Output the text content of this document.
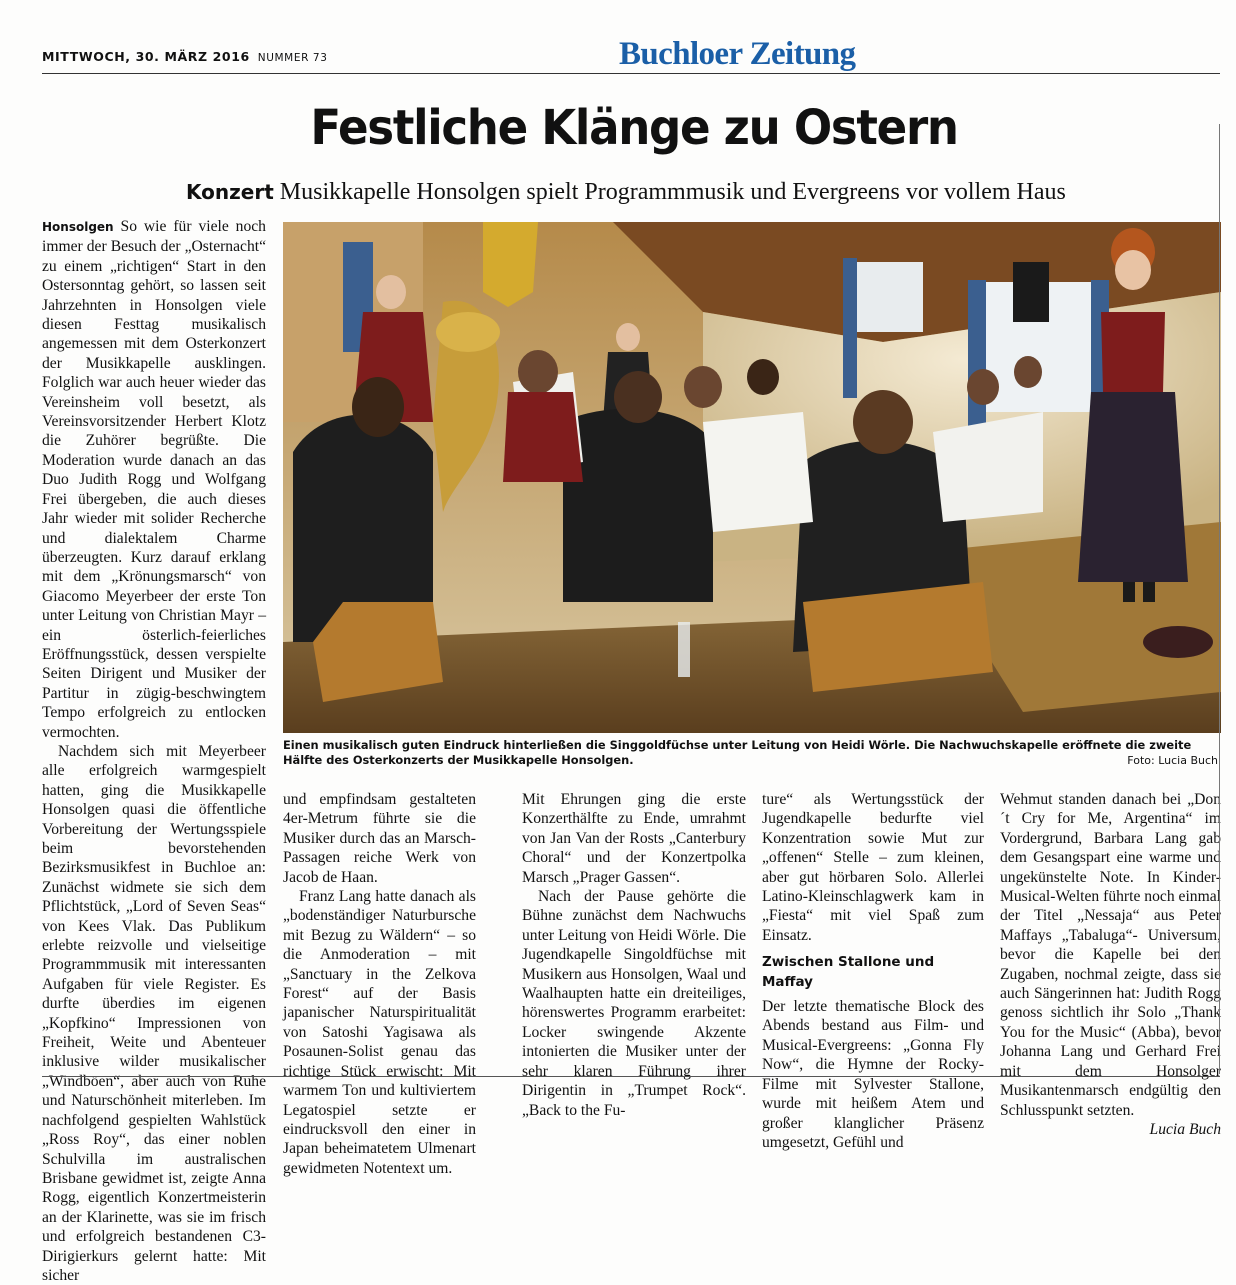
MITTWOCH, 30. MÄRZ 2016 NUMMER 73	Buchloer Zeitung
Festliche Klänge zu Ostern
Konzert Musikkapelle Honsolgen spielt Programmmusik und Evergreens vor vollem Haus

Honsolgen So wie für viele noch immer der Besuch der „Osternacht“ zu einem „richtigen“ Start in den Ostersonntag gehört, so lassen seit Jahrzehnten in Honsolgen viele diesen Festtag musikalisch angemessen mit dem Osterkonzert der Musikkapelle ausklingen. Folglich war auch heuer wieder das Vereinsheim voll besetzt, als Vereinsvorsitzender Herbert Klotz die Zuhörer begrüßte. Die Moderation wurde danach an das Duo Judith Rogg und Wolfgang Frei übergeben, die auch dieses Jahr wieder mit solider Recherche und dialektalem Charme überzeugten. Kurz darauf erklang mit dem „Krönungsmarsch“ von Giacomo Meyerbeer der erste Ton unter Leitung von Christian Mayr – ein österlich-feierliches Eröffnungsstück, dessen verspielte Seiten Dirigent und Musiker der Partitur in zügig-beschwingtem Tempo erfolgreich zu entlocken vermochten.

Nachdem sich mit Meyerbeer alle erfolgreich warmgespielt hatten, ging die Musikkapelle Honsolgen quasi die öffentliche Vorbereitung der Wertungsspiele beim bevorstehenden Bezirksmusikfest in Buchloe an: Zunächst widmete sie sich dem Pflichtstück, „Lord of Seven Seas“ von Kees Vlak. Das Publikum erlebte reizvolle und vielseitige Programmmusik mit interessanten Aufgaben für viele Register. Es durfte überdies im eigenen „Kopfkino“ Impressionen von Freiheit, Weite und Abenteuer inklusive wilder musikalischer „Windböen“, aber auch von Ruhe und Naturschönheit miterleben. Im nachfolgend gespielten Wahlstück „Ross Roy“, das einer noblen Schulvilla im australischen Brisbane gewidmet ist, zeigte Anna Rogg, eigentlich Konzertmeisterin an der Klarinette, was sie im frisch und erfolgreich bestandenen C3-Dirigierkurs gelernt hatte: Mit sicher

Einen musikalisch guten Eindruck hinterließen die Singgoldfüchse unter Leitung von Heidi Wörle. Die Nachwuchskapelle eröffnete die zweite Hälfte des Osterkonzerts der Musikkapelle Honsolgen.	Foto: Lucia Buch

und empfindsam gestalteten 4er-Metrum führte sie die Musiker durch das an Marsch-Passagen reiche Werk von Jacob de Haan.

Franz Lang hatte danach als „bodenständiger Naturbursche mit Bezug zu Wäldern“ – so die Anmoderation – mit „Sanctuary in the Zelkova Forest“ auf der Basis japanischer Naturspiritualität von Satoshi Yagisawa als Posaunen-Solist genau das richtige Stück erwischt: Mit warmem Ton und kultiviertem Legatospiel setzte er eindrucksvoll den einer in Japan beheimatetem Ulmenart gewidmeten Notentext um.

Mit Ehrungen ging die erste Konzerthälfte zu Ende, umrahmt von Jan Van der Rosts „Canterbury Choral“ und der Konzertpolka Marsch „Prager Gassen“.

Nach der Pause gehörte die Bühne zunächst dem Nachwuchs unter Leitung von Heidi Wörle. Die Jugendkapelle Singoldfüchse mit Musikern aus Honsolgen, Waal und Waalhaupten hatte ein dreiteiliges, hörenswertes Programm erarbeitet: Locker swingende Akzente intonierten die Musiker unter der sehr klaren Führung ihrer Dirigentin in „Trumpet Rock“. „Back to the Fu-

ture“ als Wertungsstück der Jugendkapelle bedurfte viel Konzentration sowie Mut zur „offenen“ Stelle – zum kleinen, aber gut hörbaren Solo. Allerlei Latino-Kleinschlagwerk kam in „Fiesta“ mit viel Spaß zum Einsatz.

Zwischen Stallone und Maffay

Der letzte thematische Block des Abends bestand aus Film- und Musical-Evergreens: „Gonna Fly Now“, die Hymne der Rocky-Filme mit Sylvester Stallone, wurde mit heißem Atem und großer klanglicher Präsenz umgesetzt, Gefühl und

Wehmut standen danach bei „Don´t Cry for Me, Argentina“ im Vordergrund, Barbara Lang gab dem Gesangspart eine warme und ungekünstelte Note. In Kinder-Musical-Welten führte noch einmal der Titel „Nessaja“ aus Peter Maffays „Tabaluga“- Universum, bevor die Kapelle bei den Zugaben, nochmal zeigte, dass sie auch Sängerinnen hat: Judith Rogg genoss sichtlich ihr Solo „Thank You for the Music“ (Abba), bevor Johanna Lang und Gerhard Frei mit dem Honsolger Musikantenmarsch endgültig den Schlusspunkt setzten.

Lucia Buch
